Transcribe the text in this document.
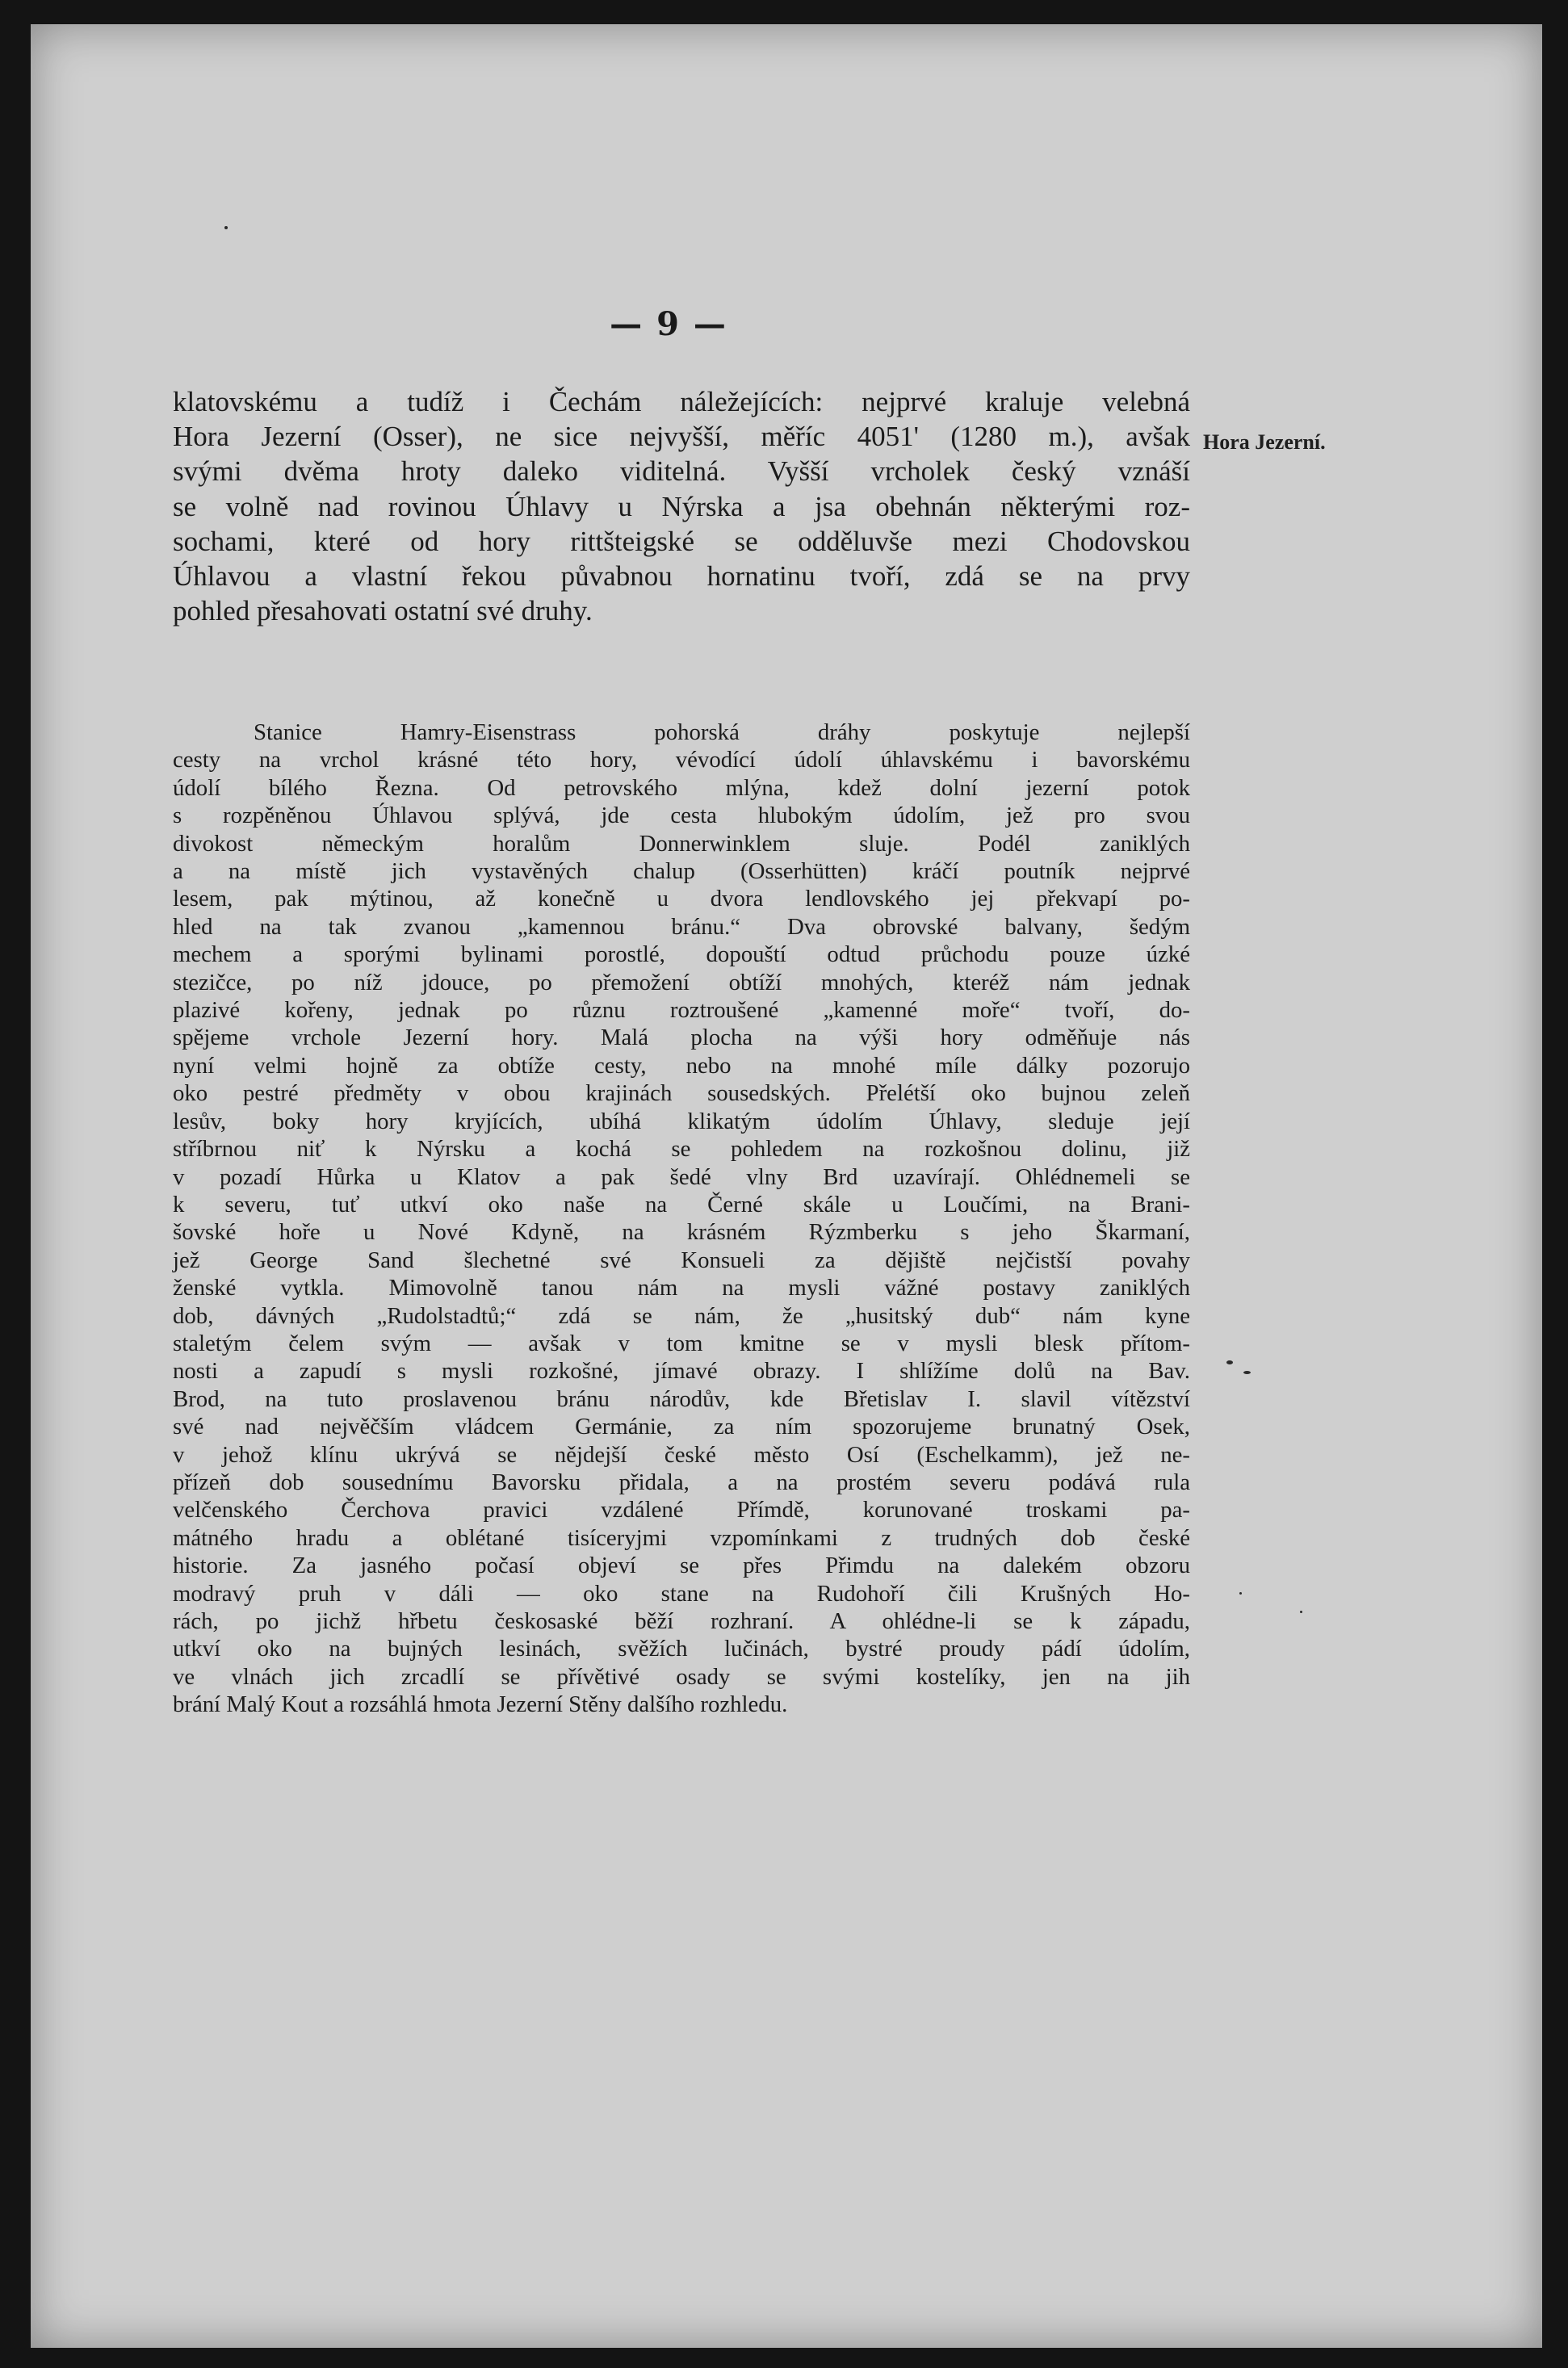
— 9 —
Hora Jezerní.
klatovskému a tudíž i Čechám náležejících: nejprvé kraluje velebná
Hora Jezerní (Osser), ne sice nejvyšší, měříc 4051' (1280 m.), avšak
svými dvěma hroty daleko viditelná. Vyšší vrcholek český vznáší
se volně nad rovinou Úhlavy u Nýrska a jsa obehnán některými roz-
sochami, které od hory rittšteigské se odděluvše mezi Chodovskou
Úhlavou a vlastní řekou půvabnou hornatinu tvoří, zdá se na prvy
pohled přesahovati ostatní své druhy.
Stanice Hamry-Eisenstrass pohorská dráhy poskytuje nejlepší
cesty na vrchol krásné této hory, vévodící údolí úhlavskému i bavorskému
údolí bílého Řezna. Od petrovského mlýna, kdež dolní jezerní potok
s rozpěněnou Úhlavou splývá, jde cesta hlubokým údolím, jež pro svou
divokost německým horalům Donnerwinklem sluje. Podél zaniklých
a na místě jich vystavěných chalup (Osserhütten) kráčí poutník nejprvé
lesem, pak mýtinou, až konečně u dvora lendlovského jej překvapí po-
hled na tak zvanou „kamennou bránu.“ Dva obrovské balvany, šedým
mechem a sporými bylinami porostlé, dopouští odtud průchodu pouze úzké
stezičce, po níž jdouce, po přemožení obtíží mnohých, kteréž nám jednak
plazivé kořeny, jednak po různu roztroušené „kamenné moře“ tvoří, do-
spějeme vrchole Jezerní hory. Malá plocha na výši hory odměňuje nás
nyní velmi hojně za obtíže cesty, nebo na mnohé míle dálky pozorujo
oko pestré předměty v obou krajinách sousedských. Přelétší oko bujnou zeleň
lesův, boky hory kryjících, ubíhá klikatým údolím Úhlavy, sleduje její
stříbrnou niť k Nýrsku a kochá se pohledem na rozkošnou dolinu, již
v pozadí Hůrka u Klatov a pak šedé vlny Brd uzavírají. Ohlédnemeli se
k severu, tuť utkví oko naše na Černé skále u Loučími, na Brani-
šovské hoře u Nové Kdyně, na krásném Rýzmberku s jeho Škarmaní,
jež George Sand šlechetné své Konsueli za dějiště nejčistší povahy
ženské vytkla. Mimovolně tanou nám na mysli vážné postavy zaniklých
dob, dávných „Rudolstadtů;“ zdá se nám, že „husitský dub“ nám kyne
staletým čelem svým — avšak v tom kmitne se v mysli blesk přítom-
nosti a zapudí s mysli rozkošné, jímavé obrazy. I shlížíme dolů na Bav.
Brod, na tuto proslavenou bránu národův, kde Břetislav I. slavil vítězství
své nad nejvěčším vládcem Germánie, za ním spozorujeme brunatný Osek,
v jehož klínu ukrývá se nějdejší české město Osí (Eschelkamm), jež ne-
přízeň dob sousednímu Bavorsku přidala, a na prostém severu podává rula
velčenského Čerchova pravici vzdálené Přímdě, korunované troskami pa-
mátného hradu a oblétané tisíceryjmi vzpomínkami z trudných dob české
historie. Za jasného počasí objeví se přes Přimdu na dalekém obzoru
modravý pruh v dáli — oko stane na Rudohoří čili Krušných Ho-
rách, po jichž hřbetu českosaské běží rozhraní. A ohlédne-li se k západu,
utkví oko na bujných lesinách, svěžích lučinách, bystré proudy pádí údolím,
ve vlnách jich zrcadlí se přívětivé osady se svými kostelíky, jen na jih
brání Malý Kout a rozsáhlá hmota Jezerní Stěny dalšího rozhledu.
